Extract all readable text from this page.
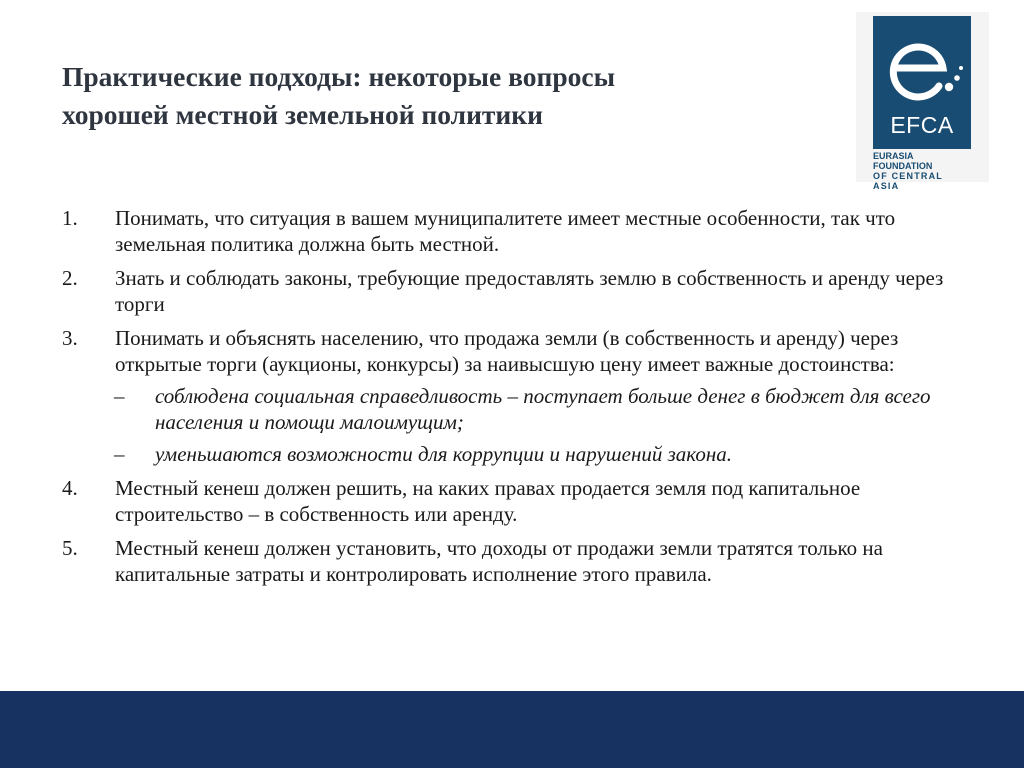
Практические подходы: некоторые вопросы
хорошей местной земельной политики	EFCA
EURASIA FOUNDATION
OF CENTRAL ASIA
1. Понимать, что ситуация в вашем муниципалитете имеет местные особенности, так что земельная политика должна быть местной.
2. Знать и соблюдать законы, требующие предоставлять землю в собственность и аренду через торги
3. Понимать и объяснять населению, что продажа земли (в собственность и аренду) через открытые торги (аукционы, конкурсы) за наивысшую цену имеет важные достоинства:
– соблюдена социальная справедливость – поступает больше денег в бюджет для всего населения и помощи малоимущим;
– уменьшаются возможности для коррупции и нарушений закона.
4. Местный кенеш должен решить, на каких правах продается земля под капитальное строительство – в собственность или аренду.
5. Местный кенеш должен установить, что доходы от продажи земли тратятся только на капитальные затраты и контролировать исполнение этого правила.
